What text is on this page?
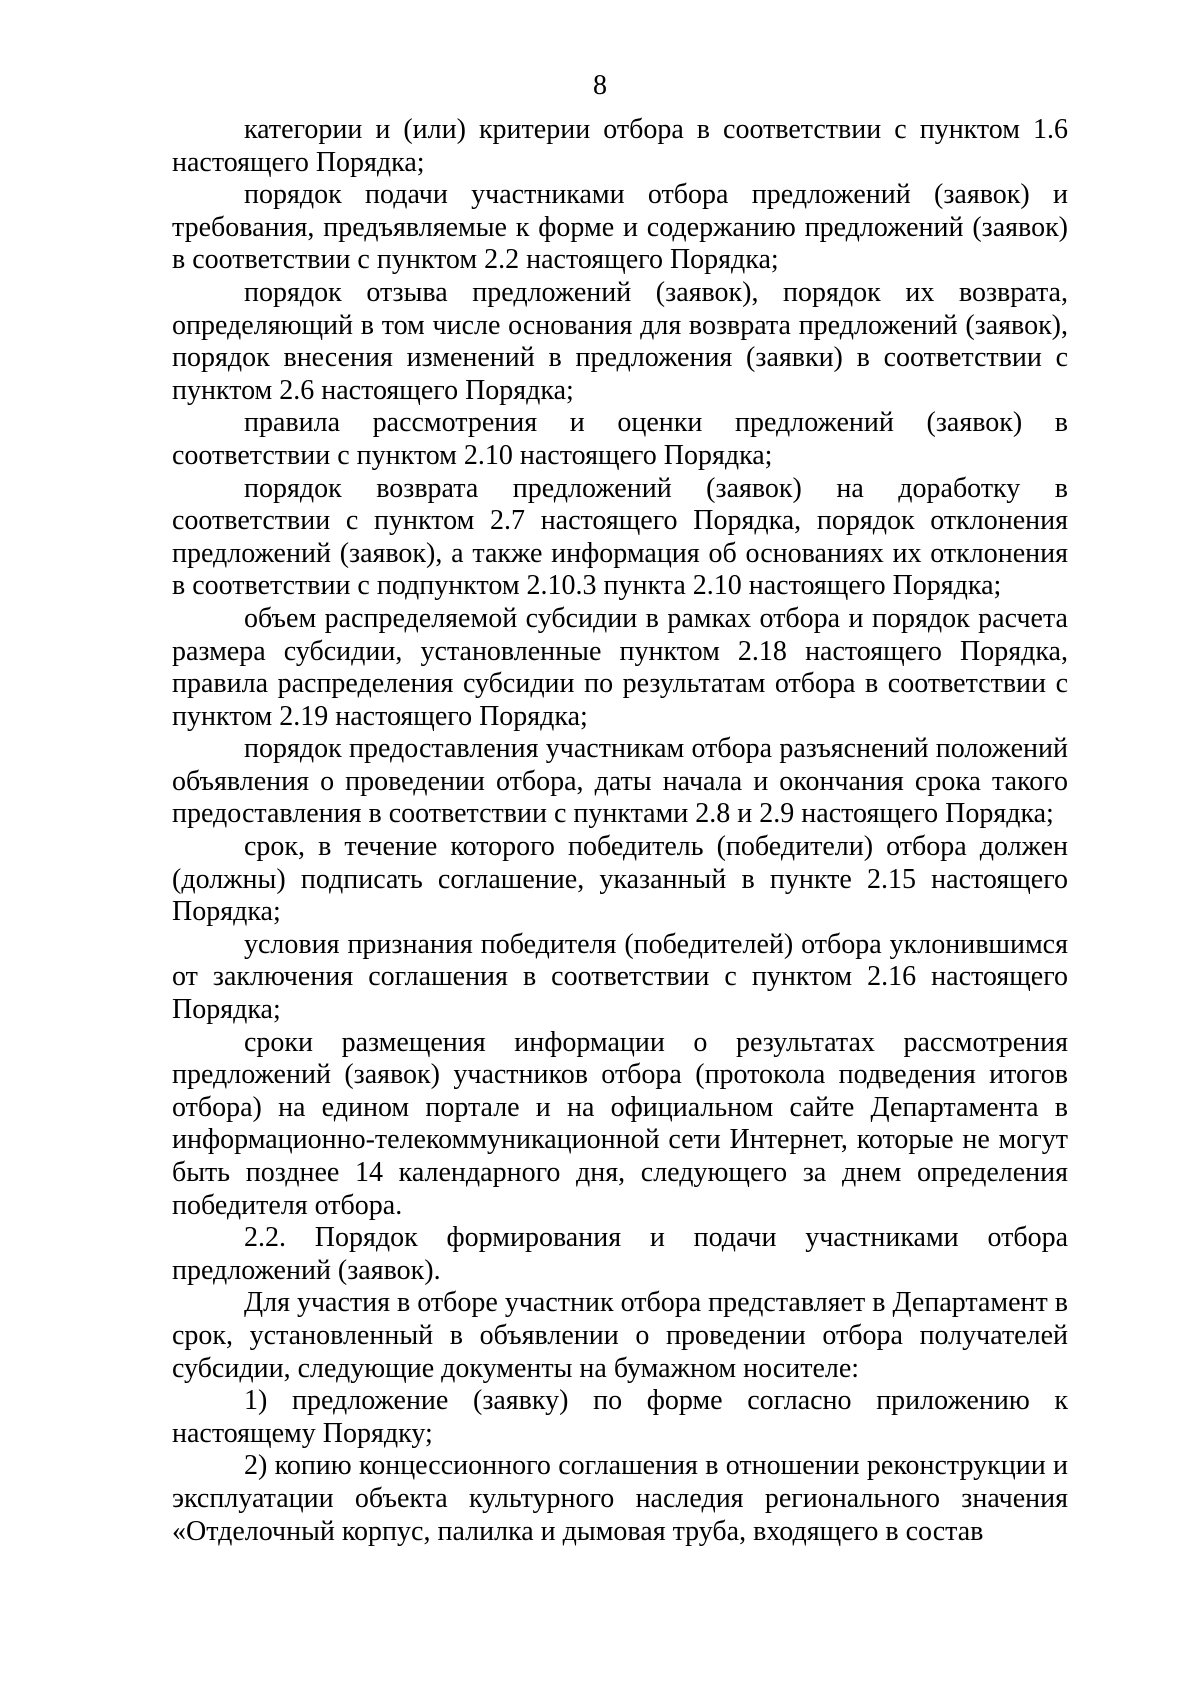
8

категории и (или) критерии отбора в соответствии с пунктом 1.6 настоящего Порядка;

порядок подачи участниками отбора предложений (заявок) и требования, предъявляемые к форме и содержанию предложений (заявок) в соответствии с пунктом 2.2 настоящего Порядка;

порядок отзыва предложений (заявок), порядок их возврата, определяющий в том числе основания для возврата предложений (заявок), порядок внесения изменений в предложения (заявки) в соответствии с пунктом 2.6 настоящего Порядка;

правила рассмотрения и оценки предложений (заявок) в соответствии с пунктом 2.10 настоящего Порядка;

порядок возврата предложений (заявок) на доработку в соответствии с пунктом 2.7 настоящего Порядка, порядок отклонения предложений (заявок), а также информация об основаниях их отклонения в соответствии с подпунктом 2.10.3 пункта 2.10 настоящего Порядка;

объем распределяемой субсидии в рамках отбора и порядок расчета размера субсидии, установленные пунктом 2.18 настоящего Порядка, правила распределения субсидии по результатам отбора в соответствии с пунктом 2.19 настоящего Порядка;

порядок предоставления участникам отбора разъяснений положений объявления о проведении отбора, даты начала и окончания срока такого предоставления в соответствии с пунктами 2.8 и 2.9 настоящего Порядка;

срок, в течение которого победитель (победители) отбора должен (должны) подписать соглашение, указанный в пункте 2.15 настоящего Порядка;

условия признания победителя (победителей) отбора уклонившимся от заключения соглашения в соответствии с пунктом 2.16 настоящего Порядка;

сроки размещения информации о результатах рассмотрения предложений (заявок) участников отбора (протокола подведения итогов отбора) на едином портале и на официальном сайте Департамента в информационно-телекоммуникационной сети Интернет, которые не могут быть позднее 14 календарного дня, следующего за днем определения победителя отбора.

2.2. Порядок формирования и подачи участниками отбора предложений (заявок).

Для участия в отборе участник отбора представляет в Департамент в срок, установленный в объявлении о проведении отбора получателей субсидии, следующие документы на бумажном носителе:

1) предложение (заявку) по форме согласно приложению к настоящему Порядку;

2) копию концессионного соглашения в отношении реконструкции и эксплуатации объекта культурного наследия регионального значения «Отделочный корпус, палилка и дымовая труба, входящего в состав
